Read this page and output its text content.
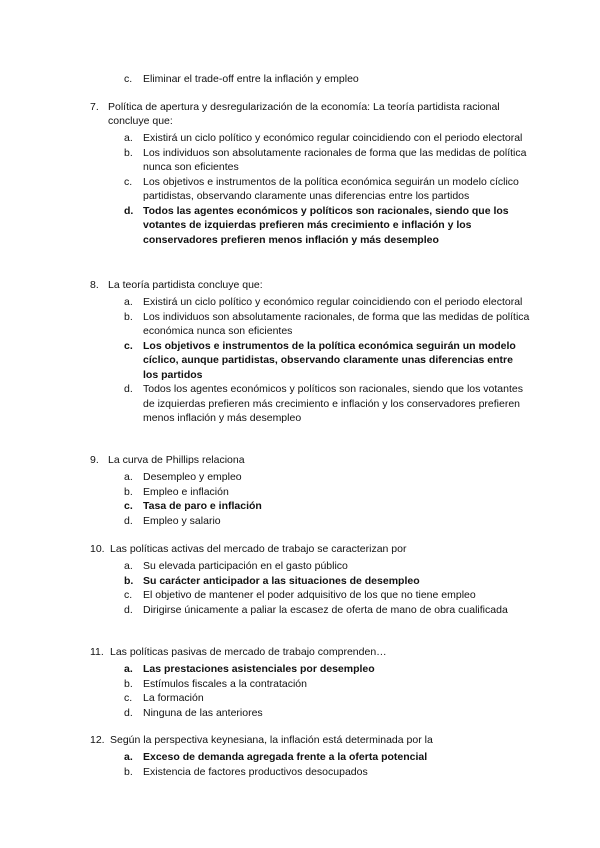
c.	Eliminar el trade-off entre la inflación y empleo
7. Política de apertura y desregularización de la economía: La teoría partidista racional concluye que:
a. Existirá un ciclo político y económico regular coincidiendo con el periodo electoral
b. Los individuos son absolutamente racionales de forma que las medidas de política nunca son eficientes
c.	Los objetivos e instrumentos de la política económica seguirán un modelo cíclico partidistas, observando claramente unas diferencias entre los partidos
d. Todos las agentes económicos y políticos son racionales, siendo que los votantes de izquierdas prefieren más crecimiento e inflación y los conservadores prefieren menos inflación y más desempleo
8. La teoría partidista concluye que:
a. Existirá un ciclo político y económico regular coincidiendo con el periodo electoral
b. Los individuos son absolutamente racionales, de forma que las medidas de política económica nunca son eficientes
c. Los objetivos e instrumentos de la política económica seguirán un modelo cíclico, aunque partidistas, observando claramente unas diferencias entre los partidos
d. Todos los agentes económicos y políticos son racionales, siendo que los votantes de izquierdas prefieren más crecimiento e inflación y los conservadores prefieren menos inflación y más desempleo
9. La curva de Phillips relaciona
a. Desempleo y empleo
b. Empleo e inflación
c. Tasa de paro e inflación
d. Empleo y salario
10. Las políticas activas del mercado de trabajo se caracterizan por
a. Su elevada participación en el gasto público
b. Su carácter anticipador a las situaciones de desempleo
c.	El objetivo de mantener el poder adquisitivo de los que no tiene empleo
d. Dirigirse únicamente a paliar la escasez de oferta de mano de obra cualificada
11. Las políticas pasivas de mercado de trabajo comprenden…
a. Las prestaciones asistenciales por desempleo
b. Estímulos fiscales a la contratación
c.	La formación
d. Ninguna de las anteriores
12. Según la perspectiva keynesiana, la inflación está determinada por la
a. Exceso de demanda agregada frente a la oferta potencial
b. Existencia de factores productivos desocupados
